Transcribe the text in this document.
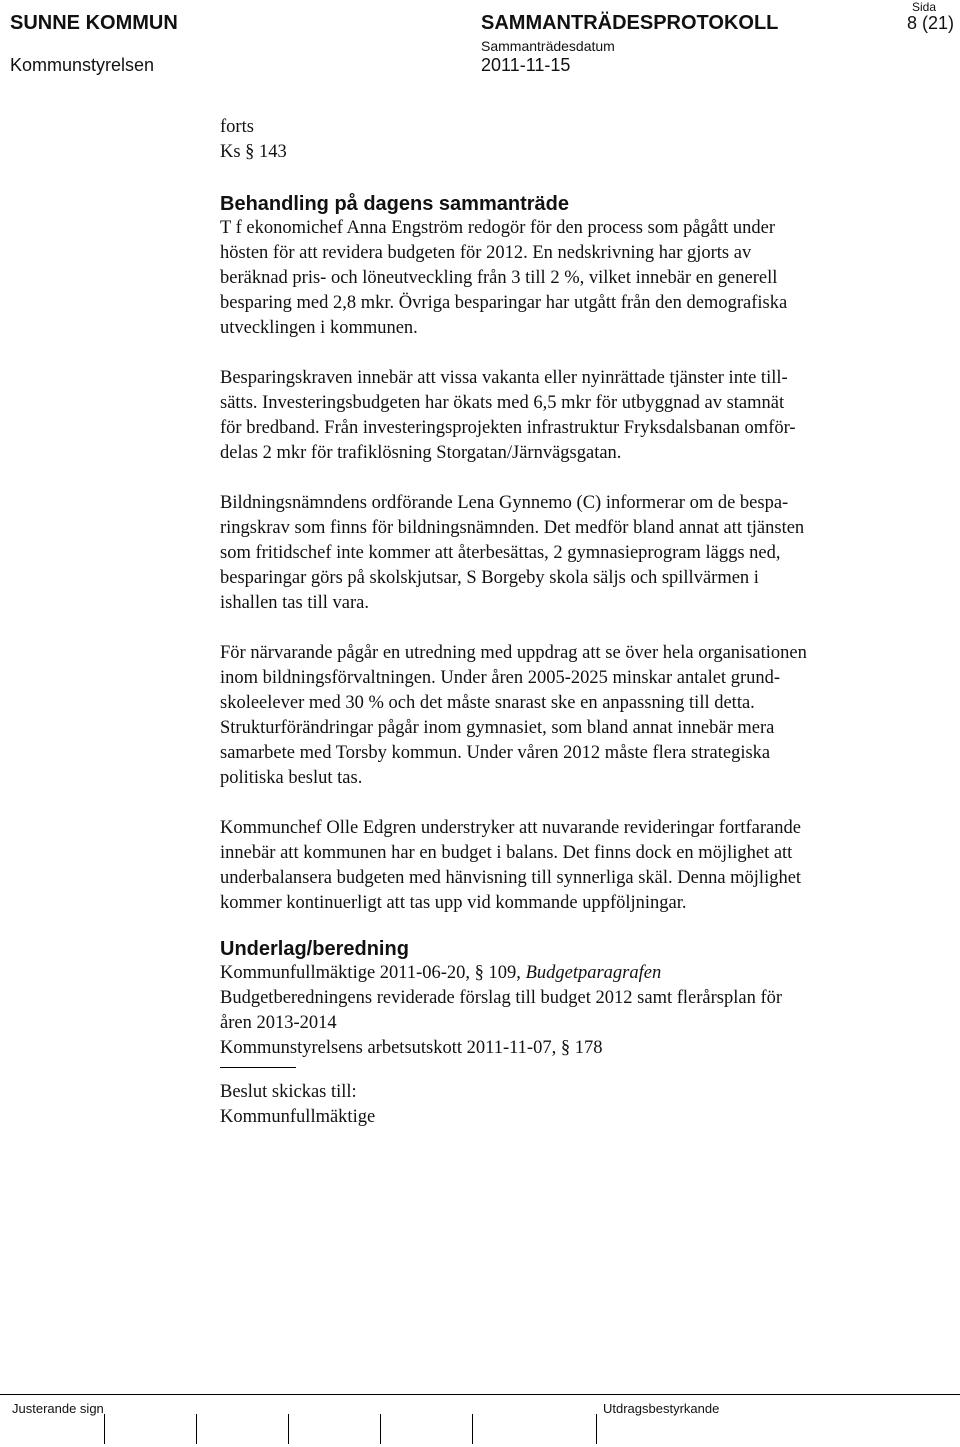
SUNNE KOMMUN
Kommunstyrelsen
SAMMANTRÄDESPROTOKOLL
Sammanträdesdatum
2011-11-15
Sida
8 (21)

forts

Ks § 143

Behandling på dagens sammanträde

T f ekonomichef Anna Engström redogör för den process som pågått under

hösten för att revidera budgeten för 2012. En nedskrivning har gjorts av

beräknad pris- och löneutveckling från 3 till 2 %, vilket innebär en generell

besparing med 2,8 mkr. Övriga besparingar har utgått från den demografiska

utvecklingen i kommunen.

Besparingskraven innebär att vissa vakanta eller nyinrättade tjänster inte till-

sätts. Investeringsbudgeten har ökats med 6,5 mkr för utbyggnad av stamnät

för bredband. Från investeringsprojekten infrastruktur Fryksdalsbanan omför-

delas 2 mkr för trafiklösning Storgatan/Järnvägsgatan.

Bildningsnämndens ordförande Lena Gynnemo (C) informerar om de bespa-

ringskrav som finns för bildningsnämnden. Det medför bland annat att tjänsten

som fritidschef inte kommer att återbesättas, 2 gymnasieprogram läggs ned,

besparingar görs på skolskjutsar, S Borgeby skola säljs och spillvärmen i

ishallen tas till vara.

För närvarande pågår en utredning med uppdrag att se över hela organisationen

inom bildningsförvaltningen. Under åren 2005-2025 minskar antalet grund-

skoleelever med 30 % och det måste snarast ske en anpassning till detta.

Strukturförändringar pågår inom gymnasiet, som bland annat innebär mera

samarbete med Torsby kommun. Under våren 2012 måste flera strategiska

politiska beslut tas.

Kommunchef Olle Edgren understryker att nuvarande revideringar fortfarande

innebär att kommunen har en budget i balans. Det finns dock en möjlighet att

underbalansera budgeten med hänvisning till synnerliga skäl. Denna möjlighet

kommer kontinuerligt att tas upp vid kommande uppföljningar.

Underlag/beredning

Kommunfullmäktige 2011-06-20, § 109, Budgetparagrafen

Budgetberedningens reviderade förslag till budget 2012 samt flerårsplan för

åren 2013-2014

Kommunstyrelsens arbetsutskott 2011-11-07, § 178

Beslut skickas till:

Kommunfullmäktige

Justerande sign	Utdragsbestyrkande
